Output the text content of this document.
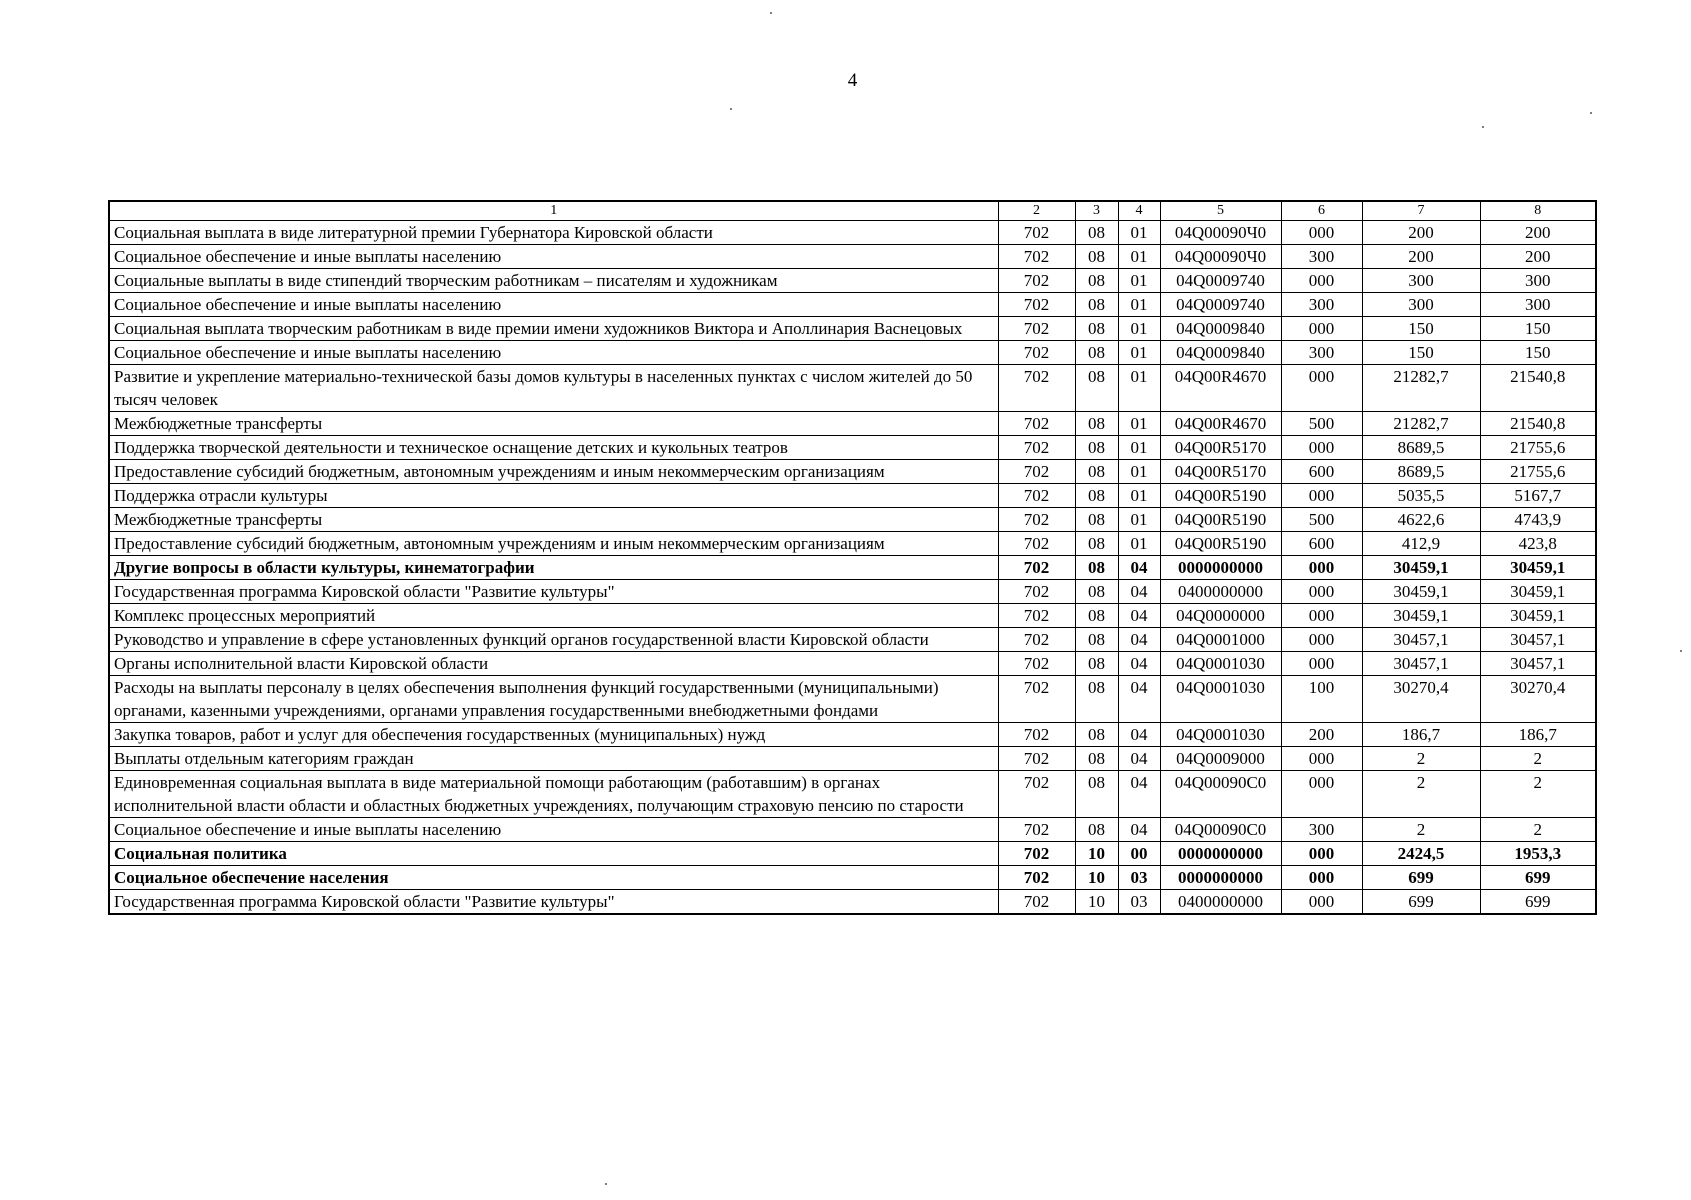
4
1	2	3	4	5	6	7	8
Социальная выплата в виде литературной премии Губернатора Кировской области	702	08	01	04Q00090Ч0	000	200	200
Социальное обеспечение и иные выплаты населению	702	08	01	04Q00090Ч0	300	200	200
Социальные выплаты в виде стипендий творческим работникам – писателям и художникам	702	08	01	04Q0009740	000	300	300
Социальное обеспечение и иные выплаты населению	702	08	01	04Q0009740	300	300	300
Социальная выплата творческим работникам в виде премии имени художников Виктора и Аполлинария Васнецовых	702	08	01	04Q0009840	000	150	150
Социальное обеспечение и иные выплаты населению	702	08	01	04Q0009840	300	150	150
Развитие и укрепление материально-технической базы домов культуры в населенных пунктах с числом жителей до 50 тысяч человек	702	08	01	04Q00R4670	000	21282,7	21540,8
Межбюджетные трансферты	702	08	01	04Q00R4670	500	21282,7	21540,8
Поддержка творческой деятельности и техническое оснащение детских и кукольных театров	702	08	01	04Q00R5170	000	8689,5	21755,6
Предоставление субсидий бюджетным, автономным учреждениям и иным некоммерческим организациям	702	08	01	04Q00R5170	600	8689,5	21755,6
Поддержка отрасли культуры	702	08	01	04Q00R5190	000	5035,5	5167,7
Межбюджетные трансферты	702	08	01	04Q00R5190	500	4622,6	4743,9
Предоставление субсидий бюджетным, автономным учреждениям и иным некоммерческим организациям	702	08	01	04Q00R5190	600	412,9	423,8
Другие вопросы в области культуры, кинематографии	702	08	04	0000000000	000	30459,1	30459,1
Государственная программа Кировской области "Развитие культуры"	702	08	04	0400000000	000	30459,1	30459,1
Комплекс процессных мероприятий	702	08	04	04Q0000000	000	30459,1	30459,1
Руководство и управление в сфере установленных функций органов государственной власти Кировской области	702	08	04	04Q0001000	000	30457,1	30457,1
Органы исполнительной власти Кировской области	702	08	04	04Q0001030	000	30457,1	30457,1
Расходы на выплаты персоналу в целях обеспечения выполнения функций государственными (муниципальными) органами, казенными учреждениями, органами управления государственными внебюджетными фондами	702	08	04	04Q0001030	100	30270,4	30270,4
Закупка товаров, работ и услуг для обеспечения государственных (муниципальных) нужд	702	08	04	04Q0001030	200	186,7	186,7
Выплаты отдельным категориям граждан	702	08	04	04Q0009000	000	2	2
Единовременная социальная выплата в виде материальной помощи работающим (работавшим) в органах исполнительной власти области и областных бюджетных учреждениях, получающим страховую пенсию по старости	702	08	04	04Q00090C0	000	2	2
Социальное обеспечение и иные выплаты населению	702	08	04	04Q00090C0	300	2	2
Социальная политика	702	10	00	0000000000	000	2424,5	1953,3
Социальное обеспечение населения	702	10	03	0000000000	000	699	699
Государственная программа Кировской области "Развитие культуры"	702	10	03	0400000000	000	699	699
